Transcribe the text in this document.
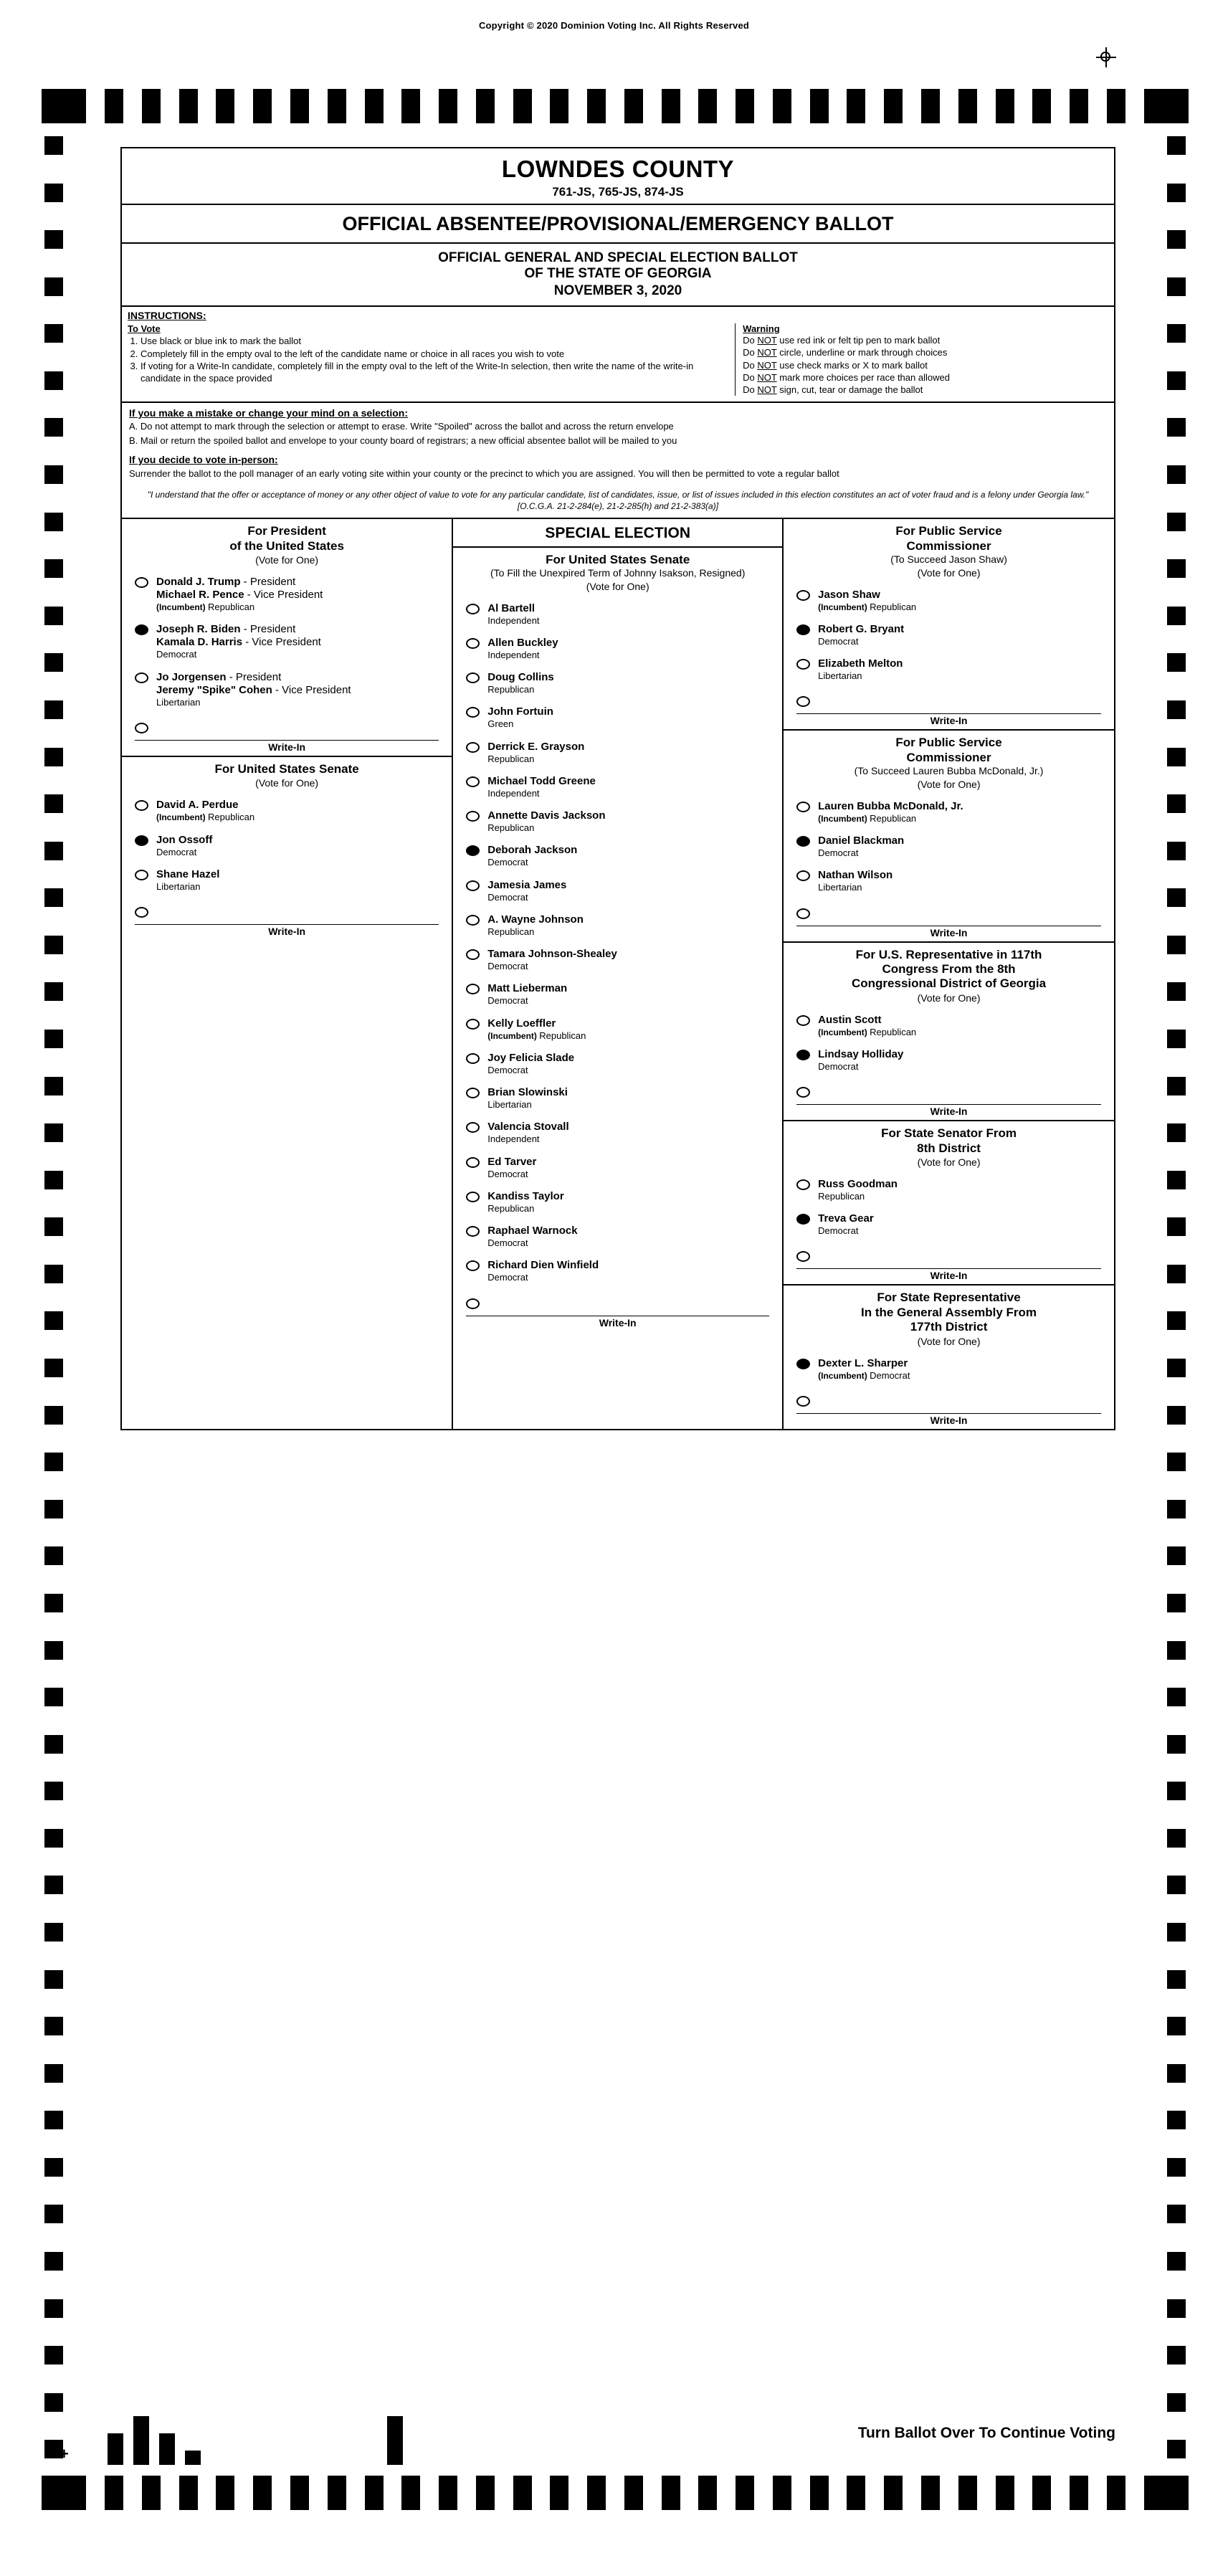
Copyright © 2020 Dominion Voting Inc. All Rights Reserved
+	JS
Turn Ballot Over To Continue Voting
LOWNDES COUNTY
761-JS, 765-JS, 874-JS
OFFICIAL ABSENTEE/PROVISIONAL/EMERGENCY BALLOT
OFFICIAL GENERAL AND SPECIAL ELECTION BALLOT
OF THE STATE OF GEORGIA
NOVEMBER 3, 2020
INSTRUCTIONS:
To Vote
1. Use black or blue ink to mark the ballot
2. Completely fill in the empty oval to the left of the candidate name or choice in all races you wish to vote
3. If voting for a Write-In candidate, completely fill in the empty oval to the left of the Write-In selection, then write the name of the write-in candidate in the space provided
Warning
Do NOT use red ink or felt tip pen to mark ballot
Do NOT circle, underline or mark through choices
Do NOT use check marks or X to mark ballot
Do NOT mark more choices per race than allowed
Do NOT sign, cut, tear or damage the ballot
If you make a mistake or change your mind on a selection:

A. Do not attempt to mark through the selection or attempt to erase. Write "Spoiled" across the ballot and across the return envelope

B. Mail or return the spoiled ballot and envelope to your county board of registrars; a new official absentee ballot will be mailed to you

If you decide to vote in-person:

Surrender the ballot to the poll manager of an early voting site within your county or the precinct to which you are assigned. You will then be permitted to vote a regular ballot

"I understand that the offer or acceptance of money or any other object of value to vote for any particular candidate, list of candidates, issue, or list of issues included in this election constitutes an act of voter fraud and is a felony under Georgia law." [O.C.G.A. 21-2-284(e), 21-2-285(h) and 21-2-383(a)]
For President
of the United States
(Vote for One)
Donald J. Trump - President
Michael R. Pence - Vice President
(Incumbent) Republican
Joseph R. Biden - President
Kamala D. Harris - Vice President
Democrat
Jo Jorgensen - President
Jeremy "Spike" Cohen - Vice President
Libertarian
Write-In
For United States Senate
(Vote for One)
David A. Perdue
(Incumbent) Republican
Jon Ossoff
Democrat
Shane Hazel
Libertarian
Write-In
SPECIAL ELECTION
For United States Senate
(To Fill the Unexpired Term of Johnny Isakson, Resigned)
(Vote for One)
Al Bartell
Independent
Allen Buckley
Independent
Doug Collins
Republican
John Fortuin
Green
Derrick E. Grayson
Republican
Michael Todd Greene
Independent
Annette Davis Jackson
Republican
Deborah Jackson
Democrat
Jamesia James
Democrat
A. Wayne Johnson
Republican
Tamara Johnson-Shealey
Democrat
Matt Lieberman
Democrat
Kelly Loeffler
(Incumbent) Republican
Joy Felicia Slade
Democrat
Brian Slowinski
Libertarian
Valencia Stovall
Independent
Ed Tarver
Democrat
Kandiss Taylor
Republican
Raphael Warnock
Democrat
Richard Dien Winfield
Democrat
Write-In
For Public Service
Commissioner
(To Succeed Jason Shaw)
(Vote for One)
Jason Shaw
(Incumbent) Republican
Robert G. Bryant
Democrat
Elizabeth Melton
Libertarian
Write-In
For Public Service
Commissioner
(To Succeed Lauren Bubba McDonald, Jr.)
(Vote for One)
Lauren Bubba McDonald, Jr.
(Incumbent) Republican
Daniel Blackman
Democrat
Nathan Wilson
Libertarian
Write-In
For U.S. Representative in 117th
Congress From the 8th
Congressional District of Georgia
(Vote for One)
Austin Scott
(Incumbent) Republican
Lindsay Holliday
Democrat
Write-In
For State Senator From
8th District
(Vote for One)
Russ Goodman
Republican
Treva Gear
Democrat
Write-In
For State Representative
In the General Assembly From
177th District
(Vote for One)
Dexter L. Sharper
(Incumbent) Democrat
Write-In
